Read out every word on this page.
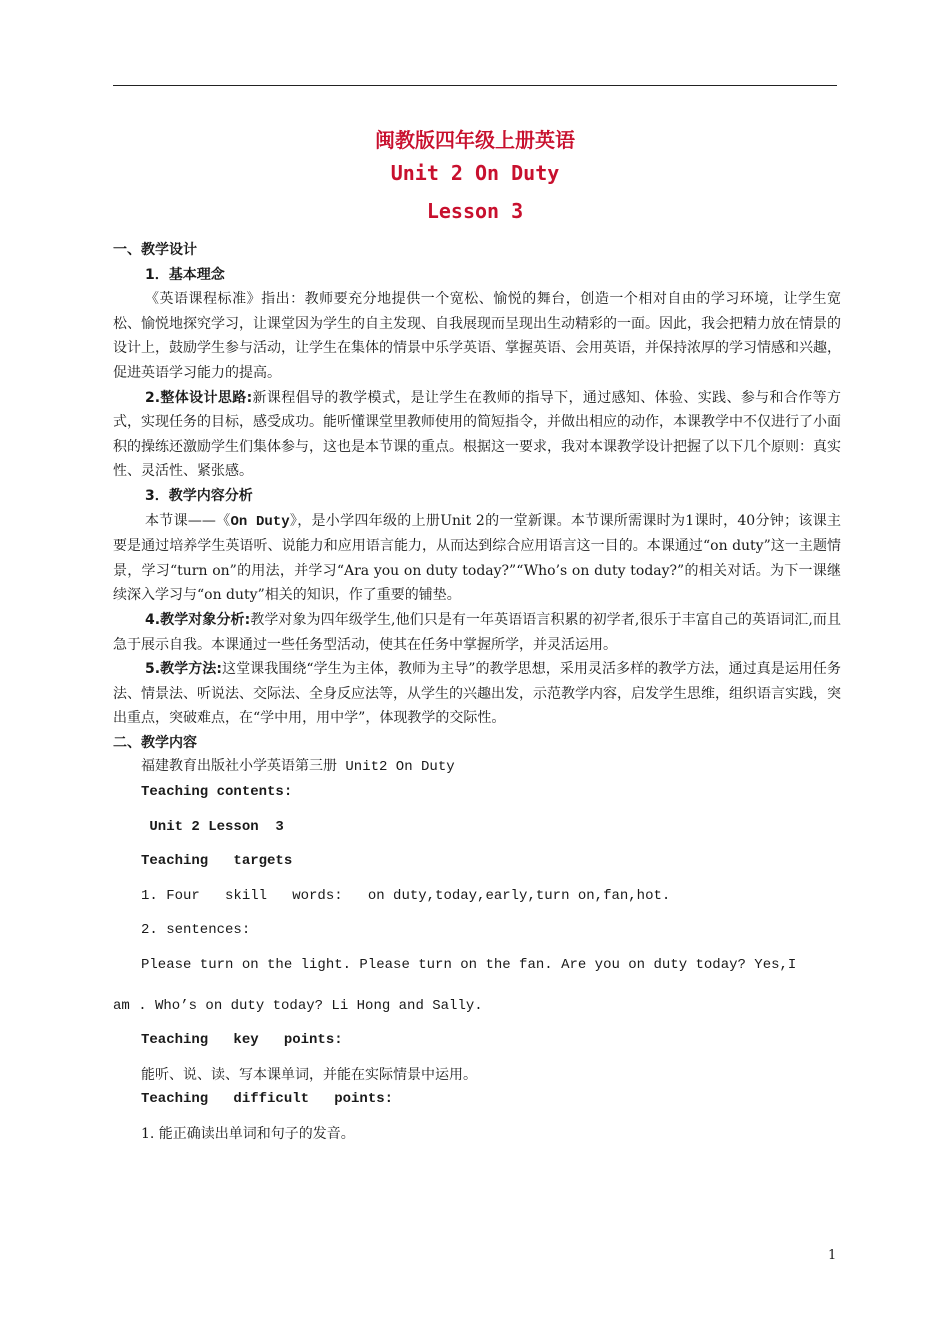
闽教版四年级上册英语
Unit 2 On Duty
Lesson 3

一、教学设计

1．基本理念

《英语课程标准》指出：教师要充分地提供一个宽松、愉悦的舞台，创造一个相对自由的学习环境，让学生宽松、愉悦地探究学习，让课堂因为学生的自主发现、自我展现而呈现出生动精彩的一面。因此，我会把精力放在情景的设计上，鼓励学生参与活动，让学生在集体的情景中乐学英语、掌握英语、会用英语，并保持浓厚的学习情感和兴趣，促进英语学习能力的提高。

2.整体设计思路:新课程倡导的教学模式，是让学生在教师的指导下，通过感知、体验、实践、参与和合作等方式，实现任务的目标，感受成功。能听懂课堂里教师使用的简短指令，并做出相应的动作，本课教学中不仅进行了小面积的操练还激励学生们集体参与，这也是本节课的重点。根据这一要求，我对本课教学设计把握了以下几个原则：真实性、灵活性、紧张感。

3．教学内容分析

本节课——《On Duty》，是小学四年级的上册Unit 2的一堂新课。本节课所需课时为1课时，40分钟；该课主要是通过培养学生英语听、说能力和应用语言能力，从而达到综合应用语言这一目的。本课通过“on duty”这一主题情景，学习“turn on”的用法，并学习“Ara you on duty today?”“Who’s on duty today?”的相关对话。为下一课继续深入学习与“on duty”相关的知识，作了重要的铺垫。

4.教学对象分析:教学对象为四年级学生,他们只是有一年英语语言积累的初学者,很乐于丰富自己的英语词汇,而且急于展示自我。本课通过一些任务型活动，使其在任务中掌握所学，并灵活运用。

5.教学方法:这堂课我围绕“学生为主体，教师为主导”的教学思想，采用灵活多样的教学方法，通过真是运用任务法、情景法、听说法、交际法、全身反应法等，从学生的兴趣出发，示范教学内容，启发学生思维，组织语言实践，突出重点，突破难点，在“学中用，用中学”，体现教学的交际性。

二、教学内容

福建教育出版社小学英语第三册 Unit2 On Duty

Teaching contents:

Unit 2 Lesson  3

Teaching   targets

1. Four   skill   words:   on duty,today,early,turn on,fan,hot.

2. sentences:

Please turn on the light. Please turn on the fan. Are you on duty today? Yes,I

am . Who’s on duty today? Li Hong and Sally.

Teaching   key   points:

能听、说、读、写本课单词，并能在实际情景中运用。

Teaching   difficult   points:

1. 能正确读出单词和句子的发音。

1
